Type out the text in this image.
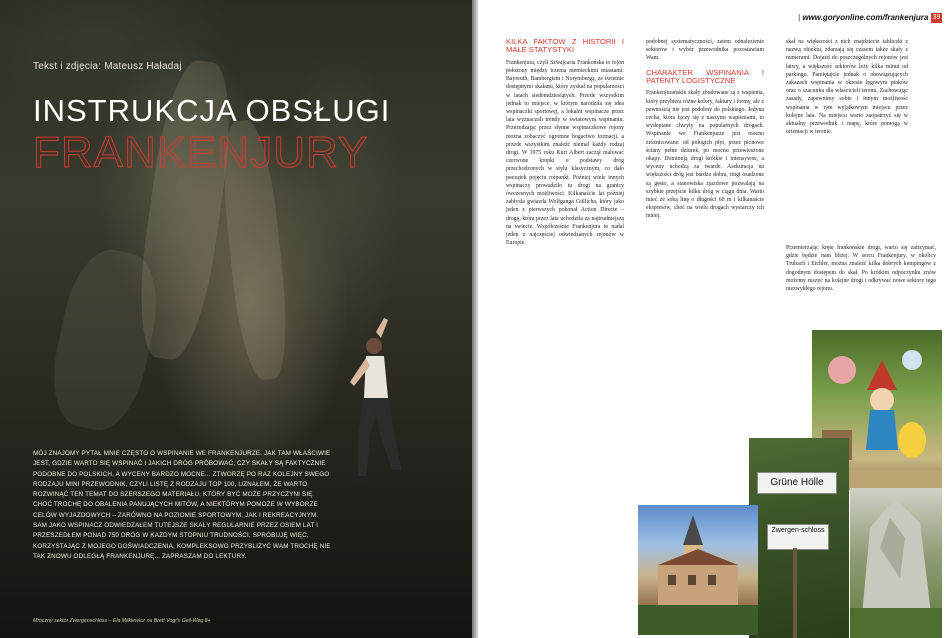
Tekst i zdjęcia: Mateusz Haładaj
INSTRUKCJA OBSŁUGI
FRANKENJURY
MÓJ ZNAJOMY PYTAŁ MNIE CZĘSTO O WSPINANIE WE FRANKENJURZE. JAK TAM WŁAŚCIWIE JEST, GDZIE WARTO SIĘ WSPINAĆ I JAKICH DRÓG PRÓBOWAĆ, CZY SKAŁY SĄ FAKTYCZNIE PODOBNE DO POLSKICH, A WYCENY BARDZO MOCNE... ZTWORZĘ PO RAZ KOLEJNY SWEGO RODZAJU MINI PRZEWODNIK, CZYLI LISTĘ Z RODZAJU TOP 100, UZNAŁEM, ŻE WARTO ROZWINĄĆ TEN TEMAT DO SZERSZEGO MATERIAŁU, KTÓRY BYĆ MOŻE PRZYCZYNI SIĘ CHOĆ TROCHĘ DO OBALENIA PANUJĄCYCH MITÓW, A NIEKTÓRYM POMOŻE W WYBORZE CELÓW WYJAZDOWYCH – ZARÓWNO NA POZIOMIE SPORTOWYM, JAK I REKREACYJNYM. SAM JAKO WSPINACZ ODWIEDZAŁEM TUTEJSZE SKAŁY REGULARNIE PRZEZ OSIEM LAT I PRZESZEDŁEM PONAD 750 DRÓG W KAŻDYM STOPNIU TRUDNOŚCI, SPRÓBUJĘ WIĘC, KORZYSTAJĄC Z MOJEGO DOŚWIADCZENIA, KOMPLEKSOWO PRZYBLIŻYĆ WAM TROCHĘ NIE TAK ZNOWU ODLEGŁĄ FRANKENJURĘ... ZAPRASZAM DO LEKTURY.
Mroczny sektor Zwergenschloss – Ela Milkiewicz na Brett Vogt's Geil-Weg 8+
| www.goryonline.com/frankenjura 39
KILKA FAKTÓW Z HISTORII I MAŁE STATYSTYKI

Frankenjura, czyli Szwajcaria Frankońska to rejon położony między trzema niemieckimi miastami: Bayreuth, Bambergiem i Norymbergą, ze świetnie dostępnymi skałami, który zyskał na popularności w latach siedemdziesiątych. Przede wszystkim jednak to miejsce, w którym narodziła się idea wspinaczki sportowej, a lokalni wspinacze przez lata wyznaczali trendy w światowym wspinaniu. Przeżedzając przez słynne wspinaczkowe rejony można zobaczyć ogromne bogactwo formacji, a przede wszystkim znaleźć niemal każdy rodzaj drogi. W 1975 roku Kurt Albert zaczął malować czerwone kropki u podstawy dróg przechodzonych w stylu klasycznym, co dało początek pojęciu rotpunkt. Później wiele innych wspinaczy prowadziło tu drogi na granicy ówczesnych możliwości. Kilkanaście lat później zabłysła gwiazda Wolfganga Güllicha, który jako jeden z pierwszych pokonał Action Directe – drogę, która przez lata uchodziła za najtrudniejszą na świecie. Współcześnie Frankenjura to nadal jeden z najczęściej odwiedzanych rejonów w Europie.

podobnej systematyczności, zatem odnalezienie sektorów i wybór przewodnika pozostawiam Wam.

CHARAKTER WSPINANIA I PATENTY LOGISTYCZNE

Frankenjurańskie skały zbudowane są z wapienia, który przybiera różne kolory, faktury i formy, ale z pewnością nie jest podobny do polskiego. Jedyna cecha, która łączy się z naszymi wapieniami, to wydeptane chwyty na popularnych drogach. Wspinanie we Frankenjurze jest mocno zróżnicowane: od połogich płyt, przez pionowe ściany pełne dziurek, po mocno przewieszone okapy. Dominują drogi krótkie i intensywne, a wyceny uchodzą za twarde. Asekuracja na większości dróg jest bardzo dobra, ringi osadzone są gęsto, a stanowiska zjazdowe pozwalają na szybkie przejście kilku dróg w ciągu dnia. Warto mieć ze sobą linę o długości 60 m i kilkanaście ekspresów, choć na wielu drogach wystarczy ich mniej.

skał na większości z nich znajdziecie tabliczki z nazwą obiektu, zdarzają się czasem także skały z numerami. Dojazd do poszczególnych rejonów jest łatwy, a większość sektorów leży kilka minut od parkingu. Pamiętajcie jednak o obowiązujących zakazach wspinania w okresie lęgowym ptaków oraz o szacunku dla właścicieli terenu. Zachowując zasady, zapewnimy sobie i innym możliwość wspinania w tym wyjątkowym miejscu przez kolejne lata. Na miejscu warto zaopatrzyć się w aktualny przewodnik i mapę, które pomogą w orientacji w terenie.

Przemierzając kręte frankońskie drogi, warto się zatrzymać, gdzie będzie nam bliżej. W sercu Frankenjury, w okolicy Trubach i Eichler, można znaleźć kilka dobrych kempingów z dogodnym dostępem do skał. Po krótkim odpoczynku znów możemy ruszyć na kolejne drogi i odkrywać nowe sektory tego niezwykłego rejonu.

Grüne Hölle
Zwergen-schloss
